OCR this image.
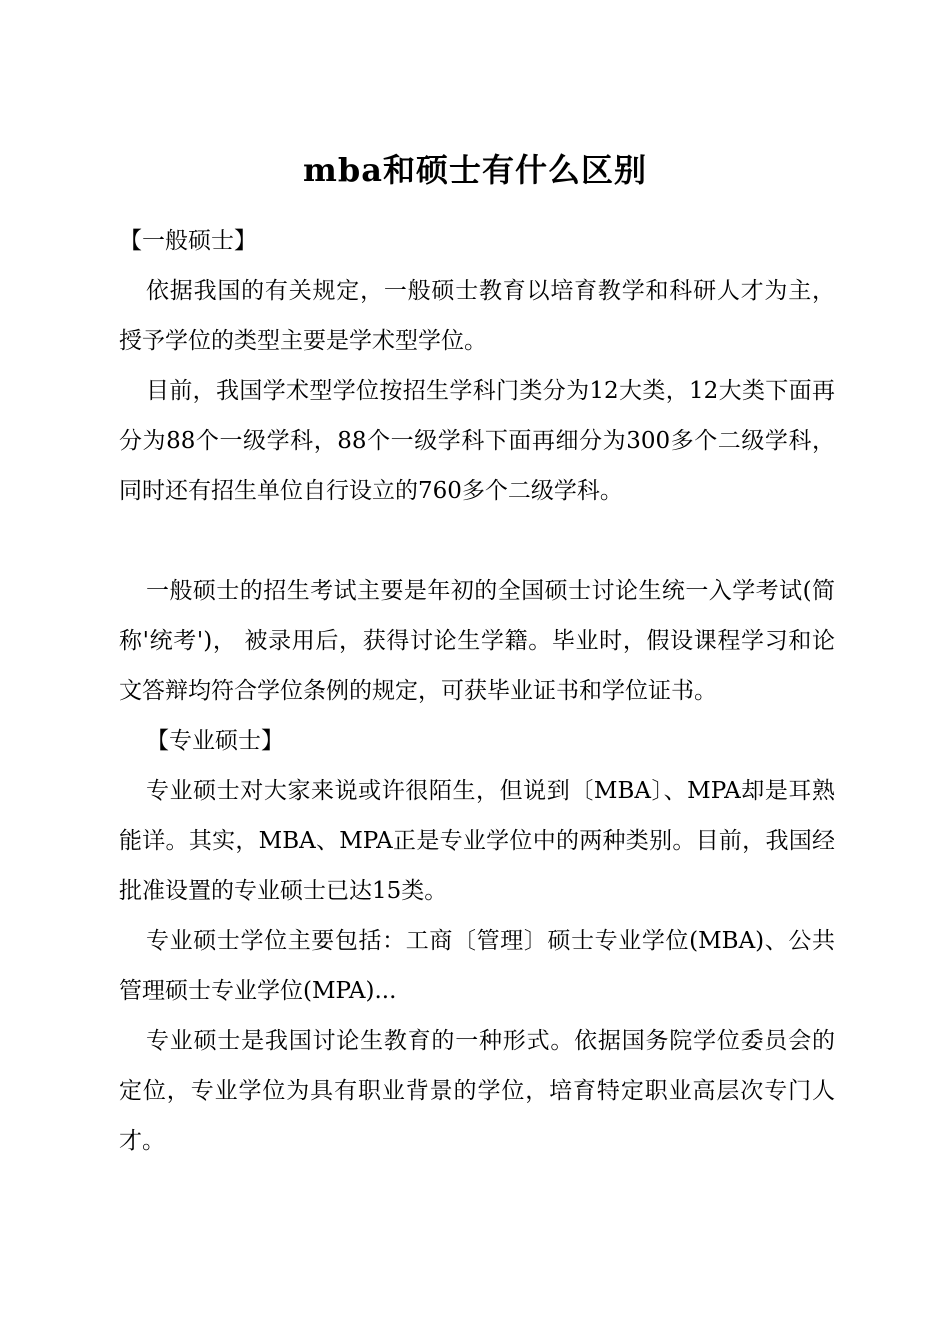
mba和硕士有什么区别

【一般硕士】

依据我国的有关规定，一般硕士教育以培育教学和科研人才为主，授予学位的类型主要是学术型学位。

目前，我国学术型学位按招生学科门类分为12大类，12大类下面再分为88个一级学科，88个一级学科下面再细分为300多个二级学科，同时还有招生单位自行设立的760多个二级学科。

一般硕士的招生考试主要是年初的全国硕士讨论生统一入学考试(简称'统考')， 被录用后，获得讨论生学籍。毕业时，假设课程学习和论文答辩均符合学位条例的规定，可获毕业证书和学位证书。

【专业硕士】

专业硕士对大家来说或许很陌生，但说到〔MBA〕、MPA却是耳熟能详。其实，MBA、MPA正是专业学位中的两种类别。目前，我国经批准设置的专业硕士已达15类。

专业硕士学位主要包括：工商〔管理〕硕士专业学位(MBA)、公共管理硕士专业学位(MPA)...

专业硕士是我国讨论生教育的一种形式。依据国务院学位委员会的定位，专业学位为具有职业背景的学位，培育特定职业高层次专门人才。
